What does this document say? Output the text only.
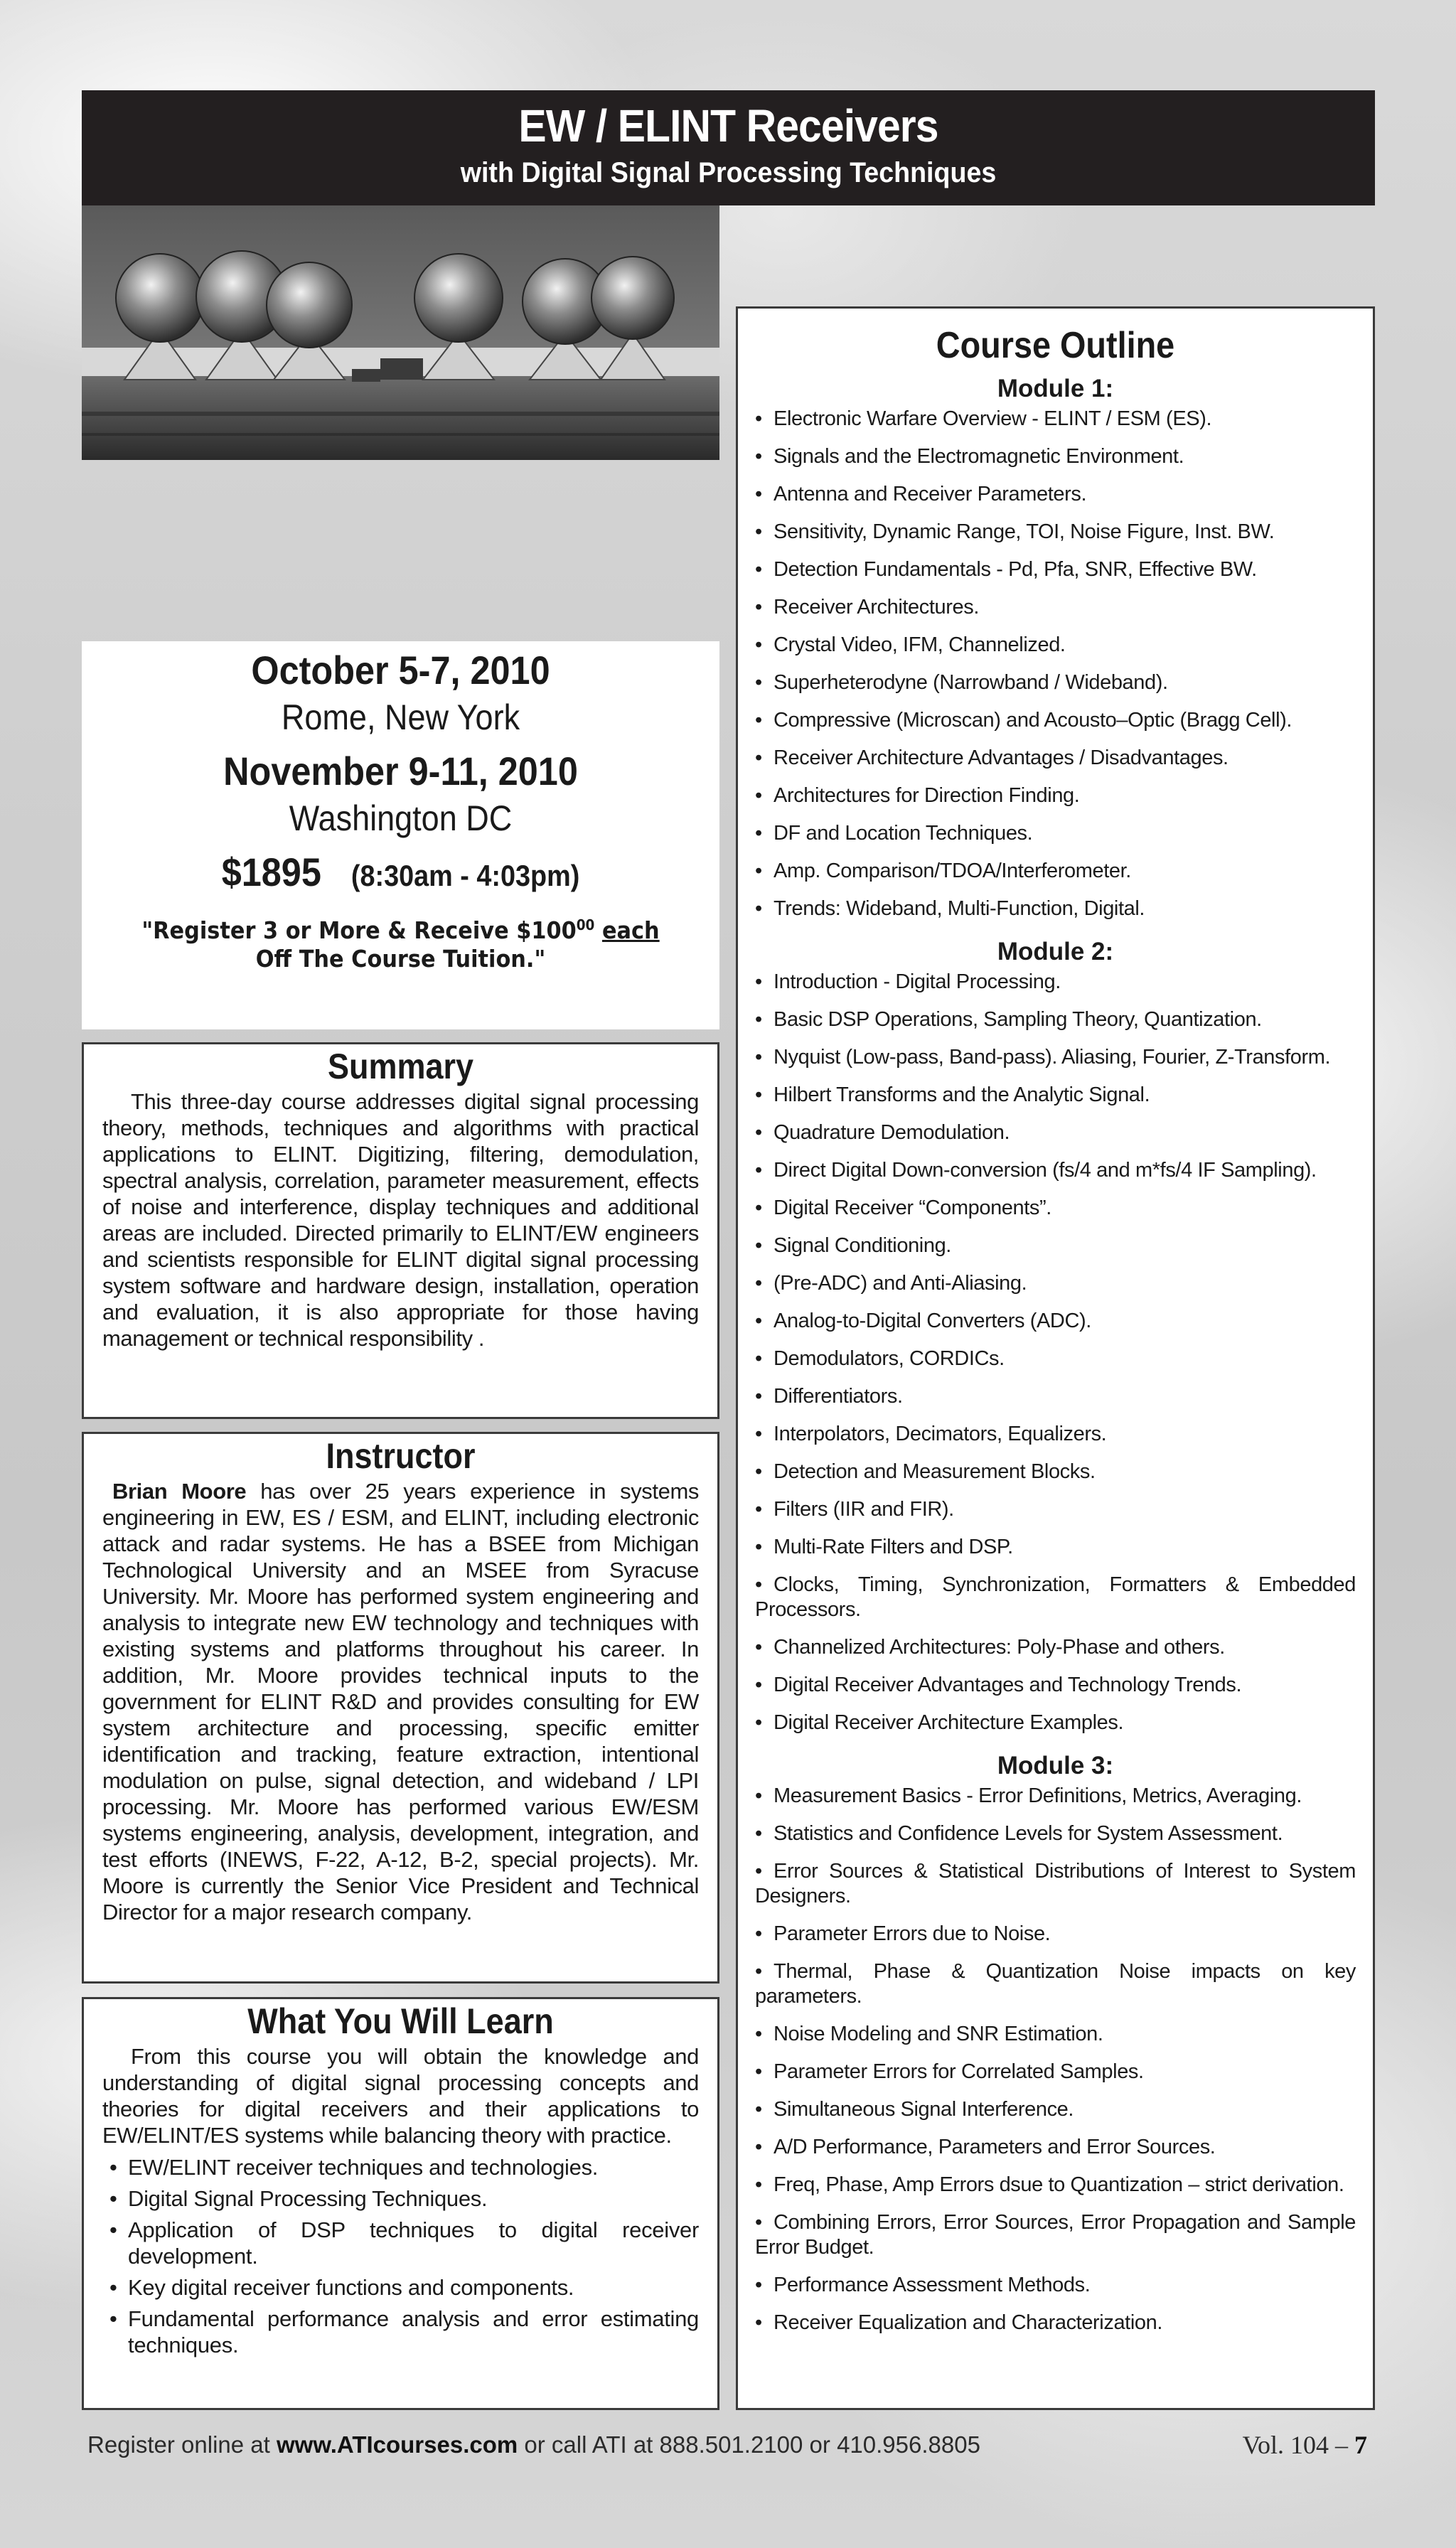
EW / ELINT Receivers
with Digital Signal Processing Techniques
October 5-7, 2010
Rome, New York
November 9-11, 2010
Washington DC
$1895 (8:30am - 4:03pm)
"Register 3 or More & Receive $\$100^{00}$ each
Off The Course Tuition."
Summary
This three-day course addresses digital signal processing theory, methods, techniques and algorithms with practical applications to ELINT. Digitizing, filtering, demodulation, spectral analysis, correlation, parameter measurement, effects of noise and interference, display techniques and additional areas are included. Directed primarily to ELINT/EW engineers and scientists responsible for ELINT digital signal processing system software and hardware design, installation, operation and evaluation, it is also appropriate for those having management or technical responsibility .
Instructor
Brian Moore has over 25 years experience in systems engineering in EW, ES / ESM, and ELINT, including electronic attack and radar systems. He has a BSEE from Michigan Technological University and an MSEE from Syracuse University. Mr. Moore has performed system engineering and analysis to integrate new EW technology and techniques with existing systems and platforms throughout his career. In addition, Mr. Moore provides technical inputs to the government for ELINT R&D and provides consulting for EW system architecture and processing, specific emitter identification and tracking, feature extraction, intentional modulation on pulse, signal detection, and wideband / LPI processing. Mr. Moore has performed various EW/ESM systems engineering, analysis, development, integration, and test efforts (INEWS, F-22, A-12, B-2, special projects). Mr. Moore is currently the Senior Vice President and Technical Director for a major research company.
What You Will Learn
From this course you will obtain the knowledge and understanding of digital signal processing concepts and theories for digital receivers and their applications to EW/ELINT/ES systems while balancing theory with practice.
• EW/ELINT receiver techniques and technologies.
• Digital Signal Processing Techniques.
• Application of DSP techniques to digital receiver development.
• Key digital receiver functions and components.
• Fundamental performance analysis and error estimating techniques.
Course Outline
Module 1:
• Electronic Warfare Overview - ELINT / ESM (ES).
• Signals and the Electromagnetic Environment.
• Antenna and Receiver Parameters.
• Sensitivity, Dynamic Range, TOI, Noise Figure, Inst. BW.
• Detection Fundamentals - Pd, Pfa, SNR, Effective BW.
• Receiver Architectures.
• Crystal Video, IFM, Channelized.
• Superheterodyne (Narrowband / Wideband).
• Compressive (Microscan) and Acousto–Optic (Bragg Cell).
• Receiver Architecture Advantages / Disadvantages.
• Architectures for Direction Finding.
• DF and Location Techniques.
• Amp. Comparison/TDOA/Interferometer.
• Trends: Wideband, Multi-Function, Digital.
Module 2:
• Introduction - Digital Processing.
• Basic DSP Operations, Sampling Theory, Quantization.
• Nyquist (Low-pass, Band-pass). Aliasing, Fourier, Z-Transform.
• Hilbert Transforms and the Analytic Signal.
• Quadrature Demodulation.
• Direct Digital Down-conversion (fs/4 and m*fs/4 IF Sampling).
• Digital Receiver “Components”.
• Signal Conditioning.
• (Pre-ADC) and Anti-Aliasing.
• Analog-to-Digital Converters (ADC).
• Demodulators, CORDICs.
• Differentiators.
• Interpolators, Decimators, Equalizers.
• Detection and Measurement Blocks.
• Filters (IIR and FIR).
• Multi-Rate Filters and DSP.
• Clocks, Timing, Synchronization, Formatters & Embedded Processors.
• Channelized Architectures: Poly-Phase and others.
• Digital Receiver Advantages and Technology Trends.
• Digital Receiver Architecture Examples.
Module 3:
• Measurement Basics - Error Definitions, Metrics, Averaging.
• Statistics and Confidence Levels for System Assessment.
• Error Sources & Statistical Distributions of Interest to System Designers.
• Parameter Errors due to Noise.
• Thermal, Phase & Quantization Noise impacts on key parameters.
• Noise Modeling and SNR Estimation.
• Parameter Errors for Correlated Samples.
• Simultaneous Signal Interference.
• A/D Performance, Parameters and Error Sources.
• Freq, Phase, Amp Errors dsue to Quantization – strict derivation.
• Combining Errors, Error Sources, Error Propagation and Sample Error Budget.
• Performance Assessment Methods.
• Receiver Equalization and Characterization.
Register online at www.ATIcourses.com or call ATI at 888.501.2100 or 410.956.8805	Vol. 104 – 7
